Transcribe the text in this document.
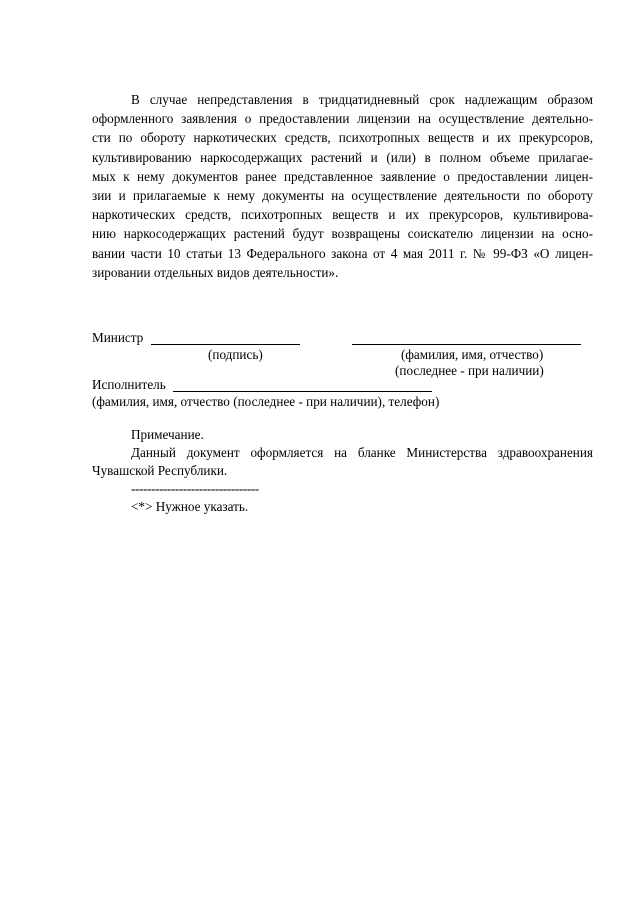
В случае непредставления в тридцатидневный срок надлежащим образом
оформленного заявления о предоставлении лицензии на осуществление деятельно-
сти по обороту наркотических средств, психотропных веществ и их прекурсоров,
культивированию наркосодержащих растений и (или) в полном объеме прилагае-
мых к нему документов ранее представленное заявление о предоставлении лицен-
зии и прилагаемые к нему документы на осуществление деятельности по обороту
наркотических средств, психотропных веществ и их прекурсоров, культивирова-
нию наркосодержащих растений будут возвращены соискателю лицензии на осно-
вании части 10 статьи 13 Федерального закона от 4 мая 2011 г. № 99-ФЗ «О лицен-
зировании отдельных видов деятельности».
Министр
(подпись)	(фамилия, имя, отчество)
(последнее - при наличии)
Исполнитель
(фамилия, имя, отчество (последнее - при наличии), телефон)
Примечание.
Данный документ оформляется на бланке Министерства здравоохранения
Чувашской Республики.
--------------------------------
<*> Нужное указать.
